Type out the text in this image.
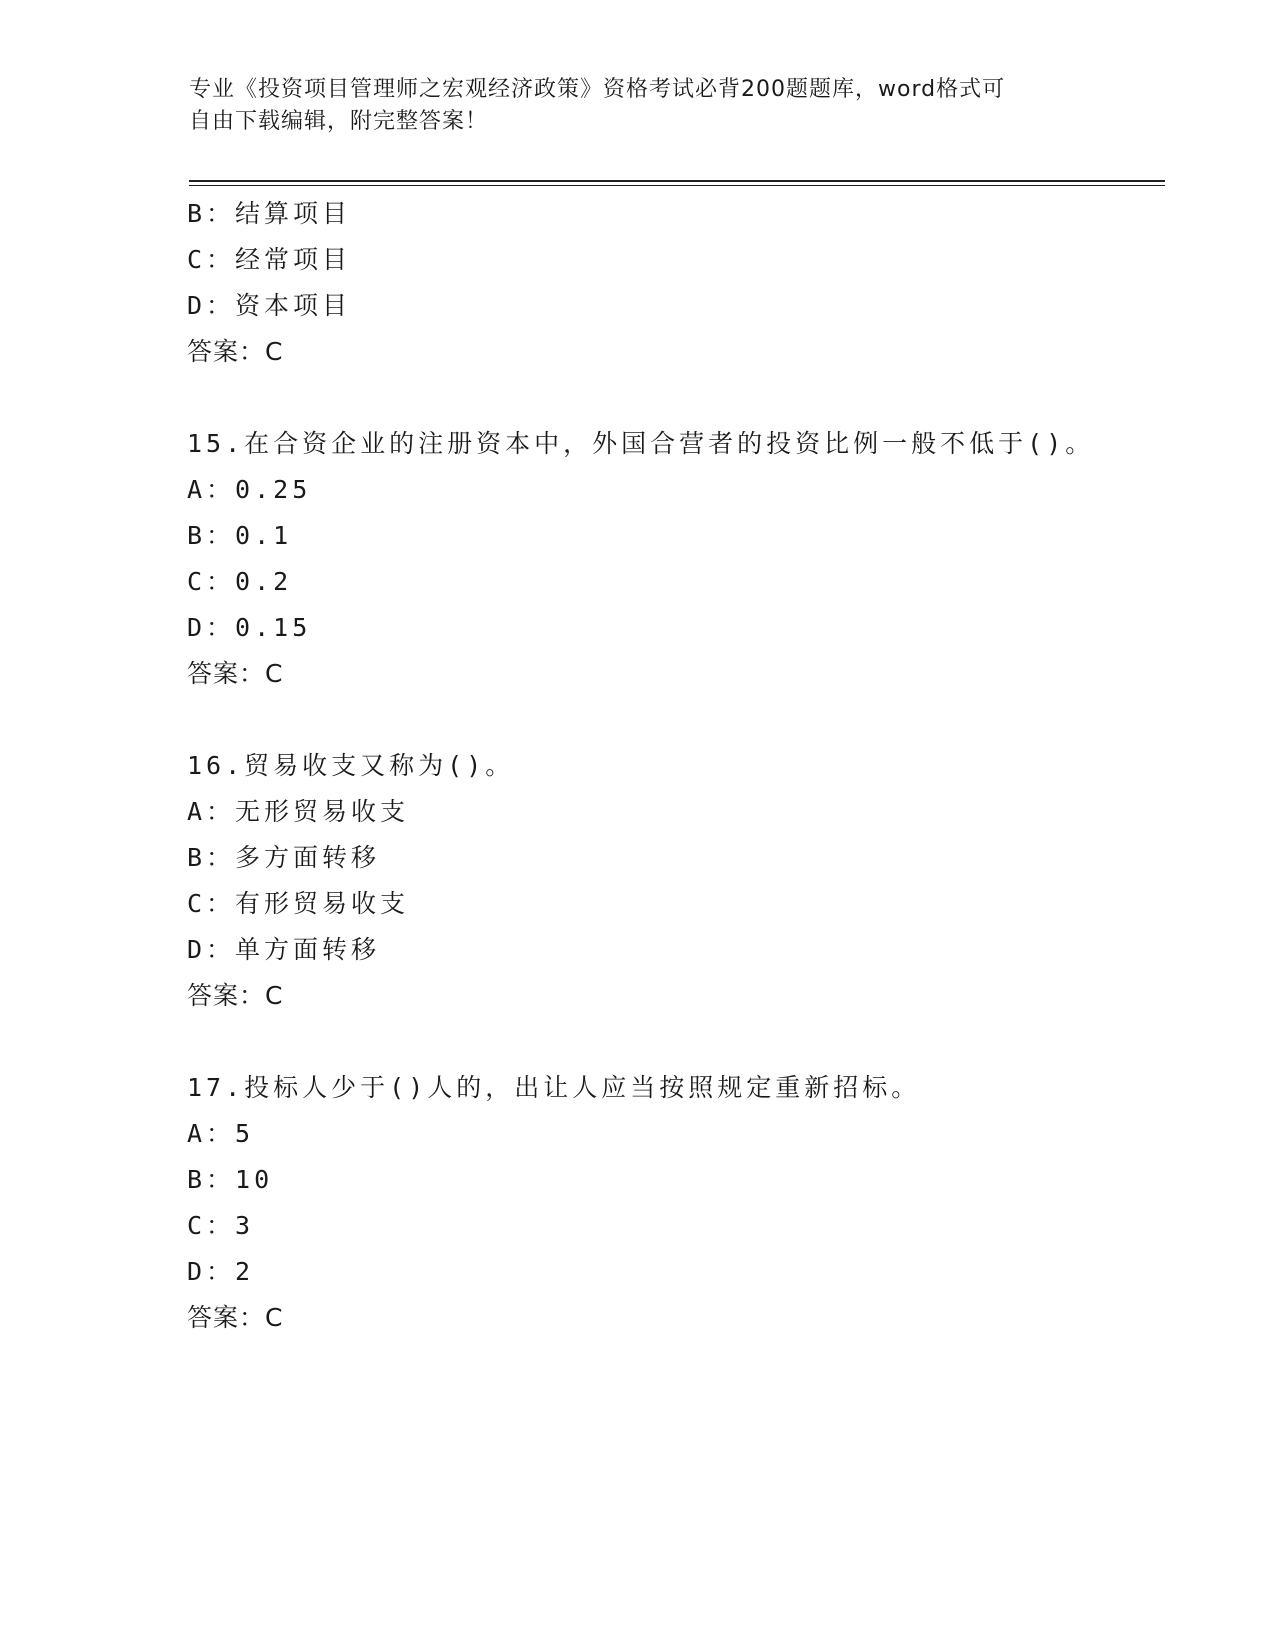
专业《投资项目管理师之宏观经济政策》资格考试必背200题题库，word格式可
自由下载编辑，附完整答案！
B：结算项目
C：经常项目
D：资本项目
答案：C
15.在合资企业的注册资本中，外国合营者的投资比例一般不低于()。
A：0.25
B：0.1
C：0.2
D：0.15
答案：C
16.贸易收支又称为()。
A：无形贸易收支
B：多方面转移
C：有形贸易收支
D：单方面转移
答案：C
17.投标人少于()人的，出让人应当按照规定重新招标。
A：5
B：10
C：3
D：2
答案：C
